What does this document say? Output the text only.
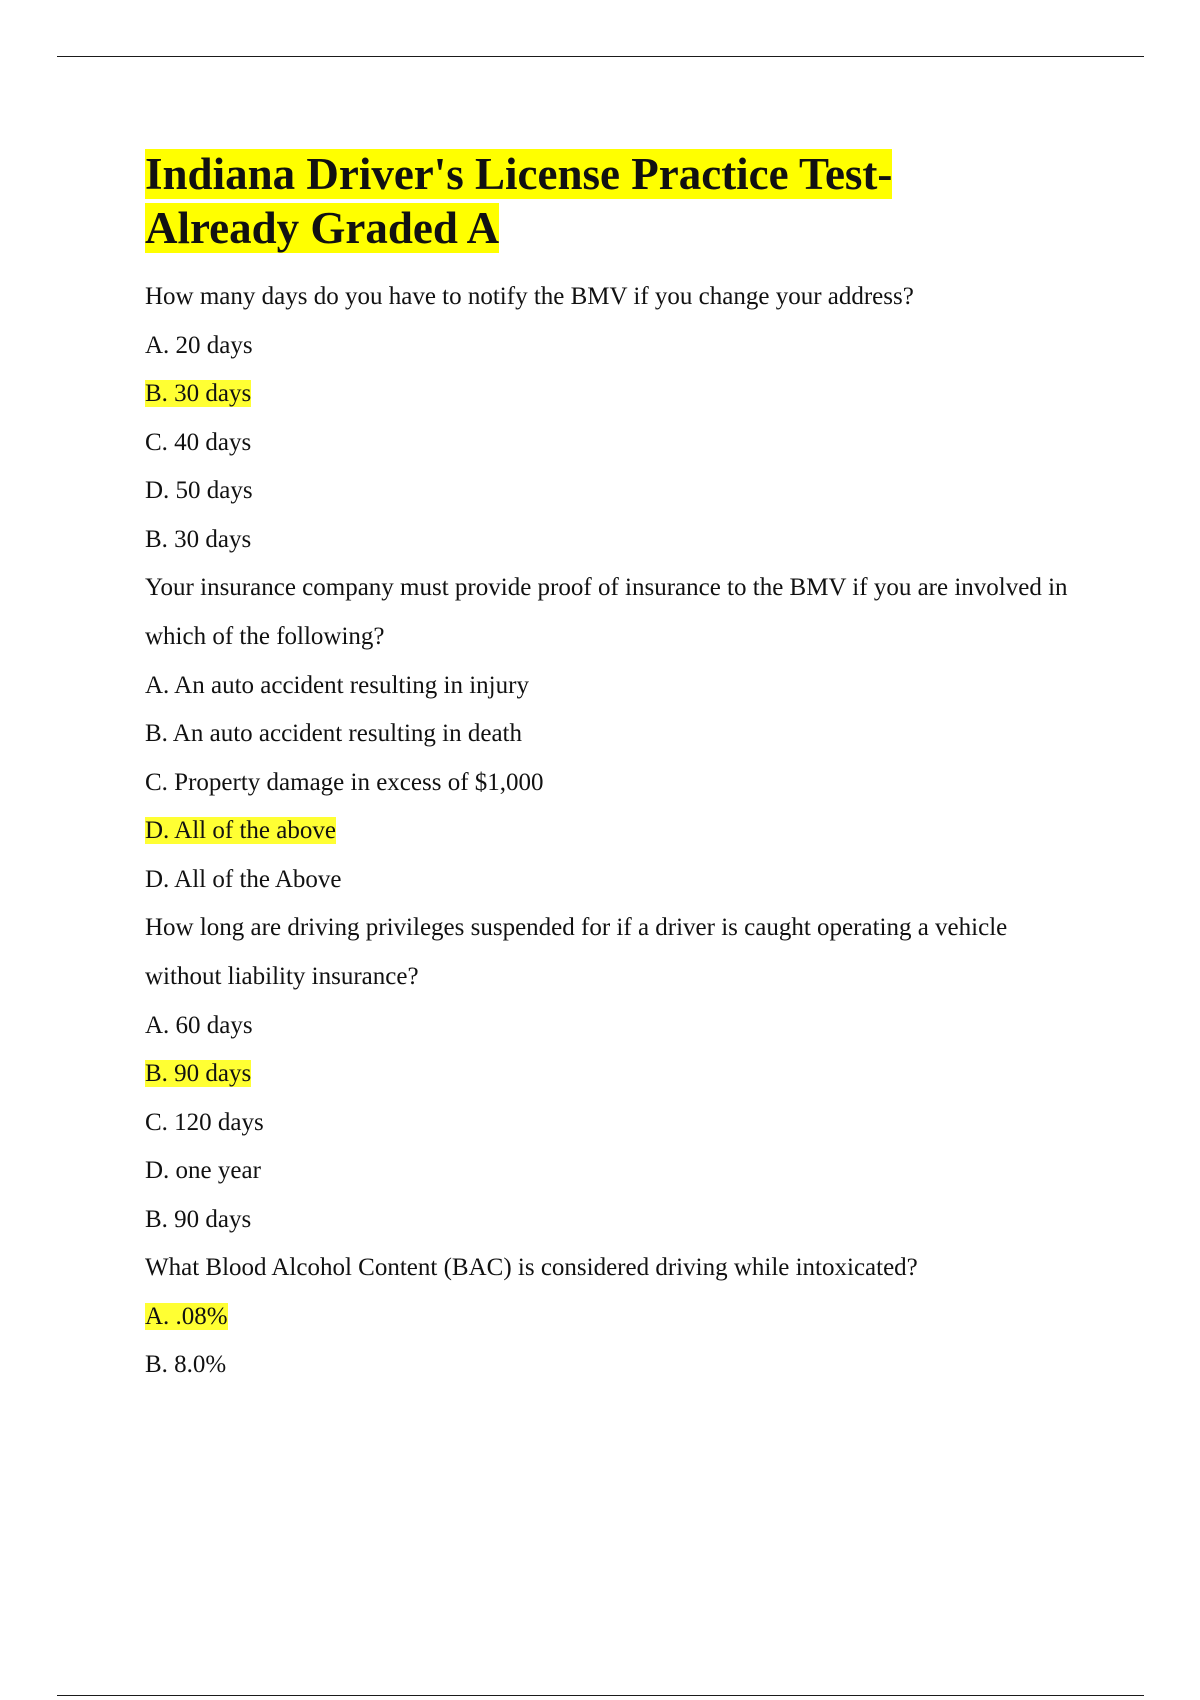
Indiana Driver's License Practice Test-
Already Graded A
How many days do you have to notify the BMV if you change your address?
A. 20 days
B. 30 days
C. 40 days
D. 50 days
B. 30 days
Your insurance company must provide proof of insurance to the BMV if you are involved in which of the following?
A. An auto accident resulting in injury
B. An auto accident resulting in death
C. Property damage in excess of $1,000
D. All of the above
D. All of the Above
How long are driving privileges suspended for if a driver is caught operating a vehicle without liability insurance?
A. 60 days
B. 90 days
C. 120 days
D. one year
B. 90 days
What Blood Alcohol Content (BAC) is considered driving while intoxicated?
A. .08%
B. 8.0%
